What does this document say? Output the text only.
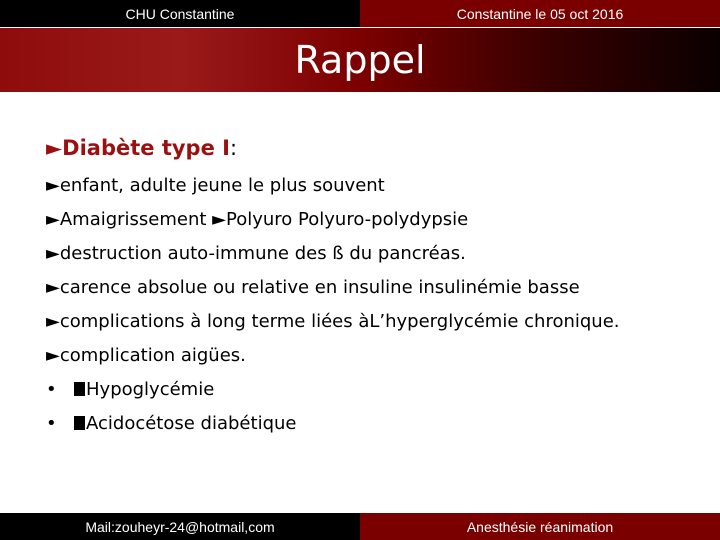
CHU Constantine	Constantine le 05 oct 2016
Rappel
►Diabète type I:
►enfant, adulte jeune le plus souvent
►Amaigrissement ►Polyuro Polyuro-polydypsie
►destruction auto-immune des ß du pancréas.
►carence absolue ou relative en insuline insulinémie basse
►complications à long terme liées àL’hyperglycémie chronique.
►complication aigües.
• Hypoglycémie
• Acidocétose diabétique
Mail:zouheyr-24@hotmail,com	Anesthésie réanimation
